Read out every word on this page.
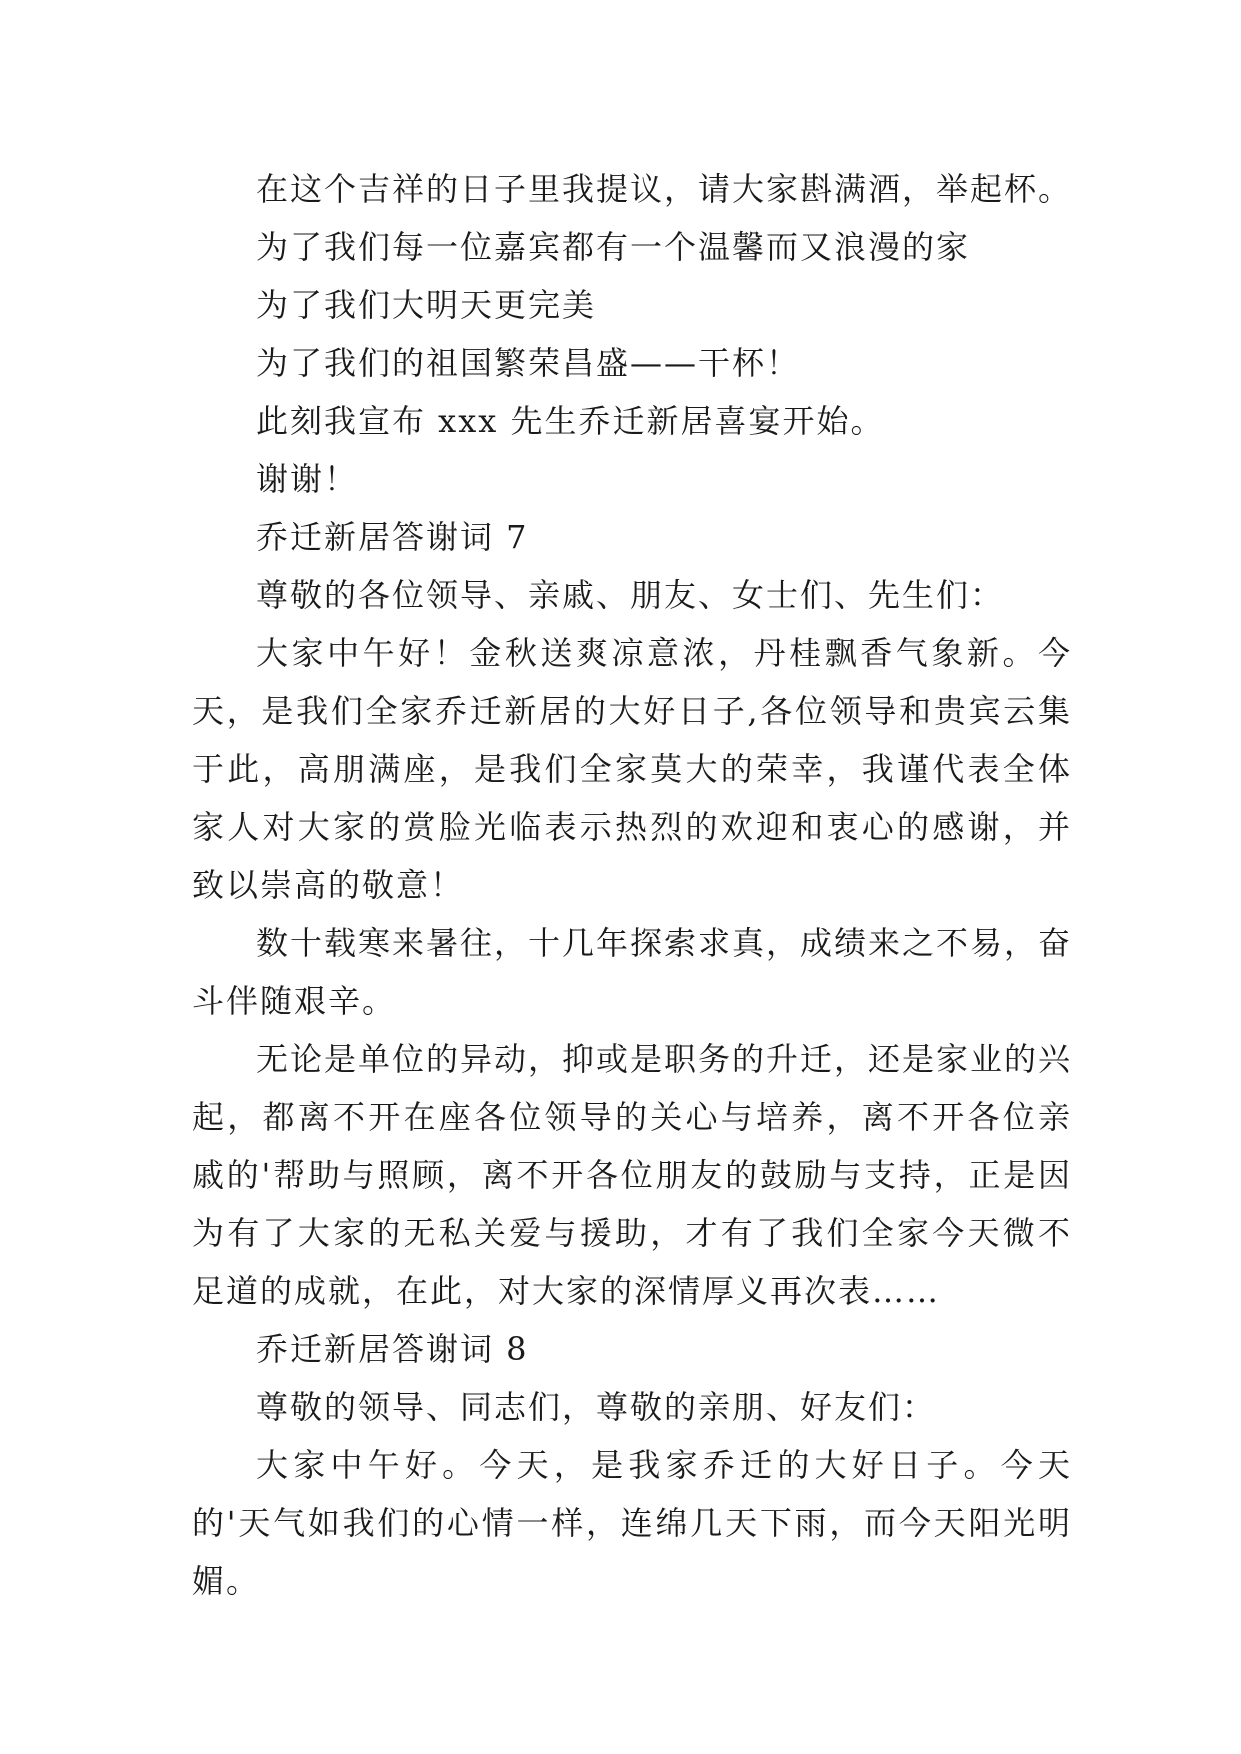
在这个吉祥的日子里我提议，请大家斟满酒，举起杯。

为了我们每一位嘉宾都有一个温馨而又浪漫的家

为了我们大明天更完美

为了我们的祖国繁荣昌盛——干杯！

此刻我宣布 xxx 先生乔迁新居喜宴开始。

谢谢！

乔迁新居答谢词 7

尊敬的各位领导、亲戚、朋友、女士们、先生们：

大家中午好！金秋送爽凉意浓，丹桂飘香气象新。今天，是我们全家乔迁新居的大好日子,各位领导和贵宾云集于此，高朋满座，是我们全家莫大的荣幸，我谨代表全体家人对大家的赏脸光临表示热烈的欢迎和衷心的感谢，并致以崇高的敬意！

数十载寒来暑往，十几年探索求真，成绩来之不易，奋斗伴随艰辛。

无论是单位的异动，抑或是职务的升迁，还是家业的兴起，都离不开在座各位领导的关心与培养，离不开各位亲戚的'帮助与照顾，离不开各位朋友的鼓励与支持，正是因为有了大家的无私关爱与援助，才有了我们全家今天微不足道的成就，在此，对大家的深情厚义再次表……

乔迁新居答谢词 8

尊敬的领导、同志们，尊敬的亲朋、好友们：

大家中午好。今天，是我家乔迁的大好日子。今天的'天气如我们的心情一样，连绵几天下雨，而今天阳光明媚。
